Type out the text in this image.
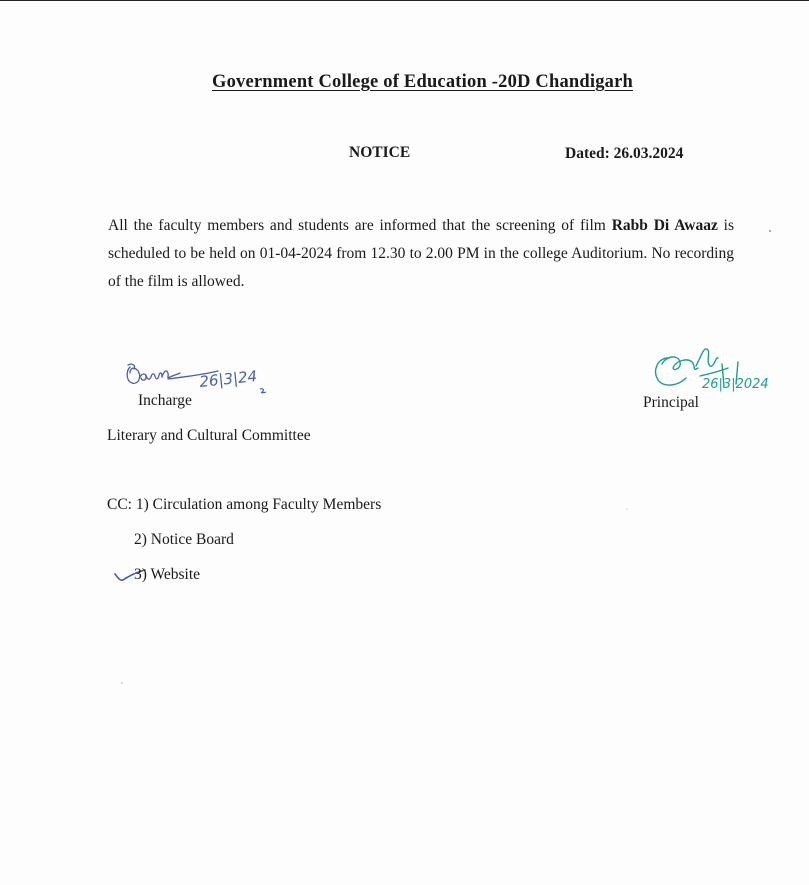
Government College of Education -20D Chandigarh
NOTICE	Dated: 26.03.2024
All the faculty members and students are informed that the screening of film Rabb Di Awaaz is scheduled to be held on 01-04-2024 from 12.30 to 2.00 PM in the college Auditorium. No recording of the film is allowed.
26|3|24	26|3|2024
Incharge	Principal
Literary and Cultural Committee
CC: 1) Circulation among Faculty Members
2) Notice Board
3) Website
